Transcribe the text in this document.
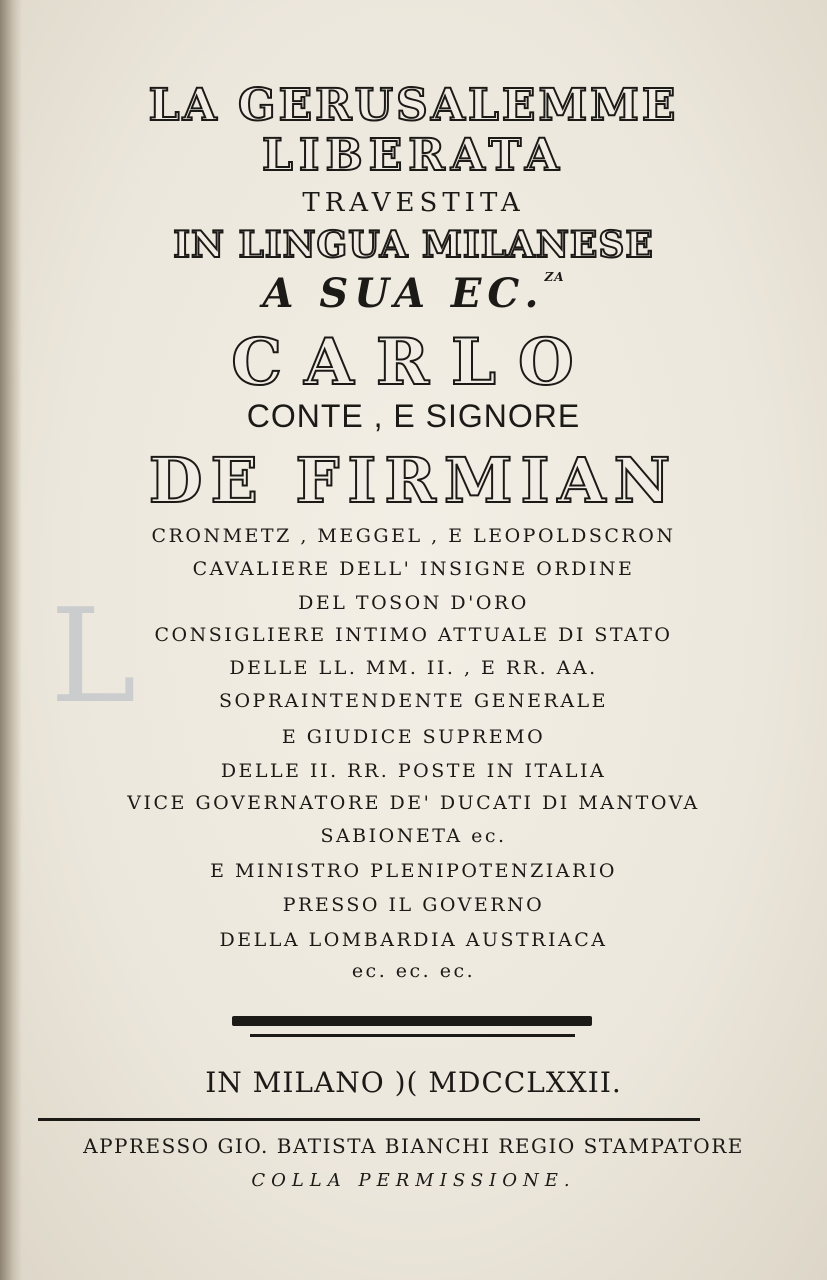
L
LA GERUSALEMME
LIBERATA
TRAVESTITA
IN LINGUA MILANESE
A SUA EC.$^{ZA}$
CARLO
CONTE , E SIGNORE
DE FIRMIAN
CRONMETZ , MEGGEL , E LEOPOLDSCRON
CAVALIERE DELL' INSIGNE ORDINE
DEL TOSON D'ORO
CONSIGLIERE INTIMO ATTUALE DI STATO
DELLE LL. MM. II. , E RR. AA.
SOPRAINTENDENTE GENERALE
E GIUDICE SUPREMO
DELLE II. RR. POSTE IN ITALIA
VICE GOVERNATORE DE' DUCATI DI MANTOVA
SABIONETA ec.
E MINISTRO PLENIPOTENZIARIO
PRESSO IL GOVERNO
DELLA LOMBARDIA AUSTRIACA
ec. ec. ec.
IN MILANO )( MDCCLXXII.
APPRESSO GIO. BATISTA BIANCHI REGIO STAMPATORE
COLLA PERMISSIONE.
